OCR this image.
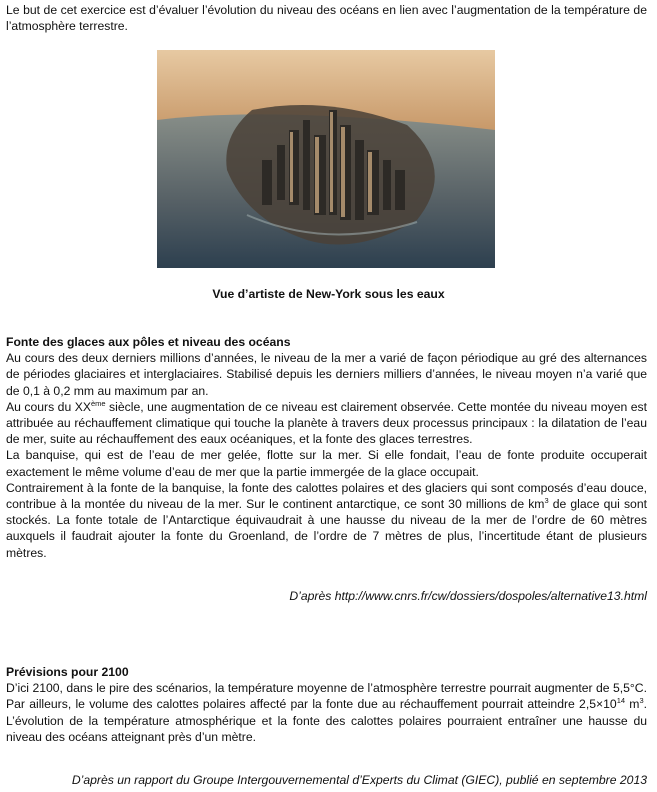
Le but de cet exercice est d’évaluer l’évolution du niveau des océans en lien avec l’augmentation de la température de l’atmosphère terrestre.

Vue d’artiste de New-York sous les eaux
Fonte des glaces aux pôles et niveau des océans

Au cours des deux derniers millions d’années, le niveau de la mer a varié de façon périodique au gré des alternances de périodes glaciaires et interglaciaires. Stabilisé depuis les derniers milliers d’années, le niveau moyen n’a varié que de 0,1 à 0,2 mm au maximum par an.

Au cours du XXème siècle, une augmentation de ce niveau est clairement observée. Cette montée du niveau moyen est attribuée au réchauffement climatique qui touche la planète à travers deux processus principaux : la dilatation de l’eau de mer, suite au réchauffement des eaux océaniques, et la fonte des glaces terrestres.

La banquise, qui est de l’eau de mer gelée, flotte sur la mer. Si elle fondait, l’eau de fonte produite occuperait exactement le même volume d’eau de mer que la partie immergée de la glace occupait.

Contrairement à la fonte de la banquise, la fonte des calottes polaires et des glaciers qui sont composés d’eau douce, contribue à la montée du niveau de la mer. Sur le continent antarctique, ce sont 30 millions de $km^3$ de glace qui sont stockés. La fonte totale de l’Antarctique équivaudrait à une hausse du niveau de la mer de l’ordre de 60 mètres auxquels il faudrait ajouter la fonte du Groenland, de l’ordre de 7 mètres de plus, l’incertitude étant de plusieurs mètres.

D’après http://www.cnrs.fr/cw/dossiers/dospoles/alternative13.html
Prévisions pour 2100

D’ici 2100, dans le pire des scénarios, la température moyenne de l’atmosphère terrestre pourrait augmenter de 5,5°C. Par ailleurs, le volume des calottes polaires affecté par la fonte due au réchauffement pourrait atteindre $2,5\times 10^{14}$ $m^3$. L’évolution de la température atmosphérique et la fonte des calottes polaires pourraient entraîner une hausse du niveau des océans atteignant près d’un mètre.

D’après un rapport du Groupe Intergouvernemental d’Experts du Climat (GIEC), publié en septembre 2013
